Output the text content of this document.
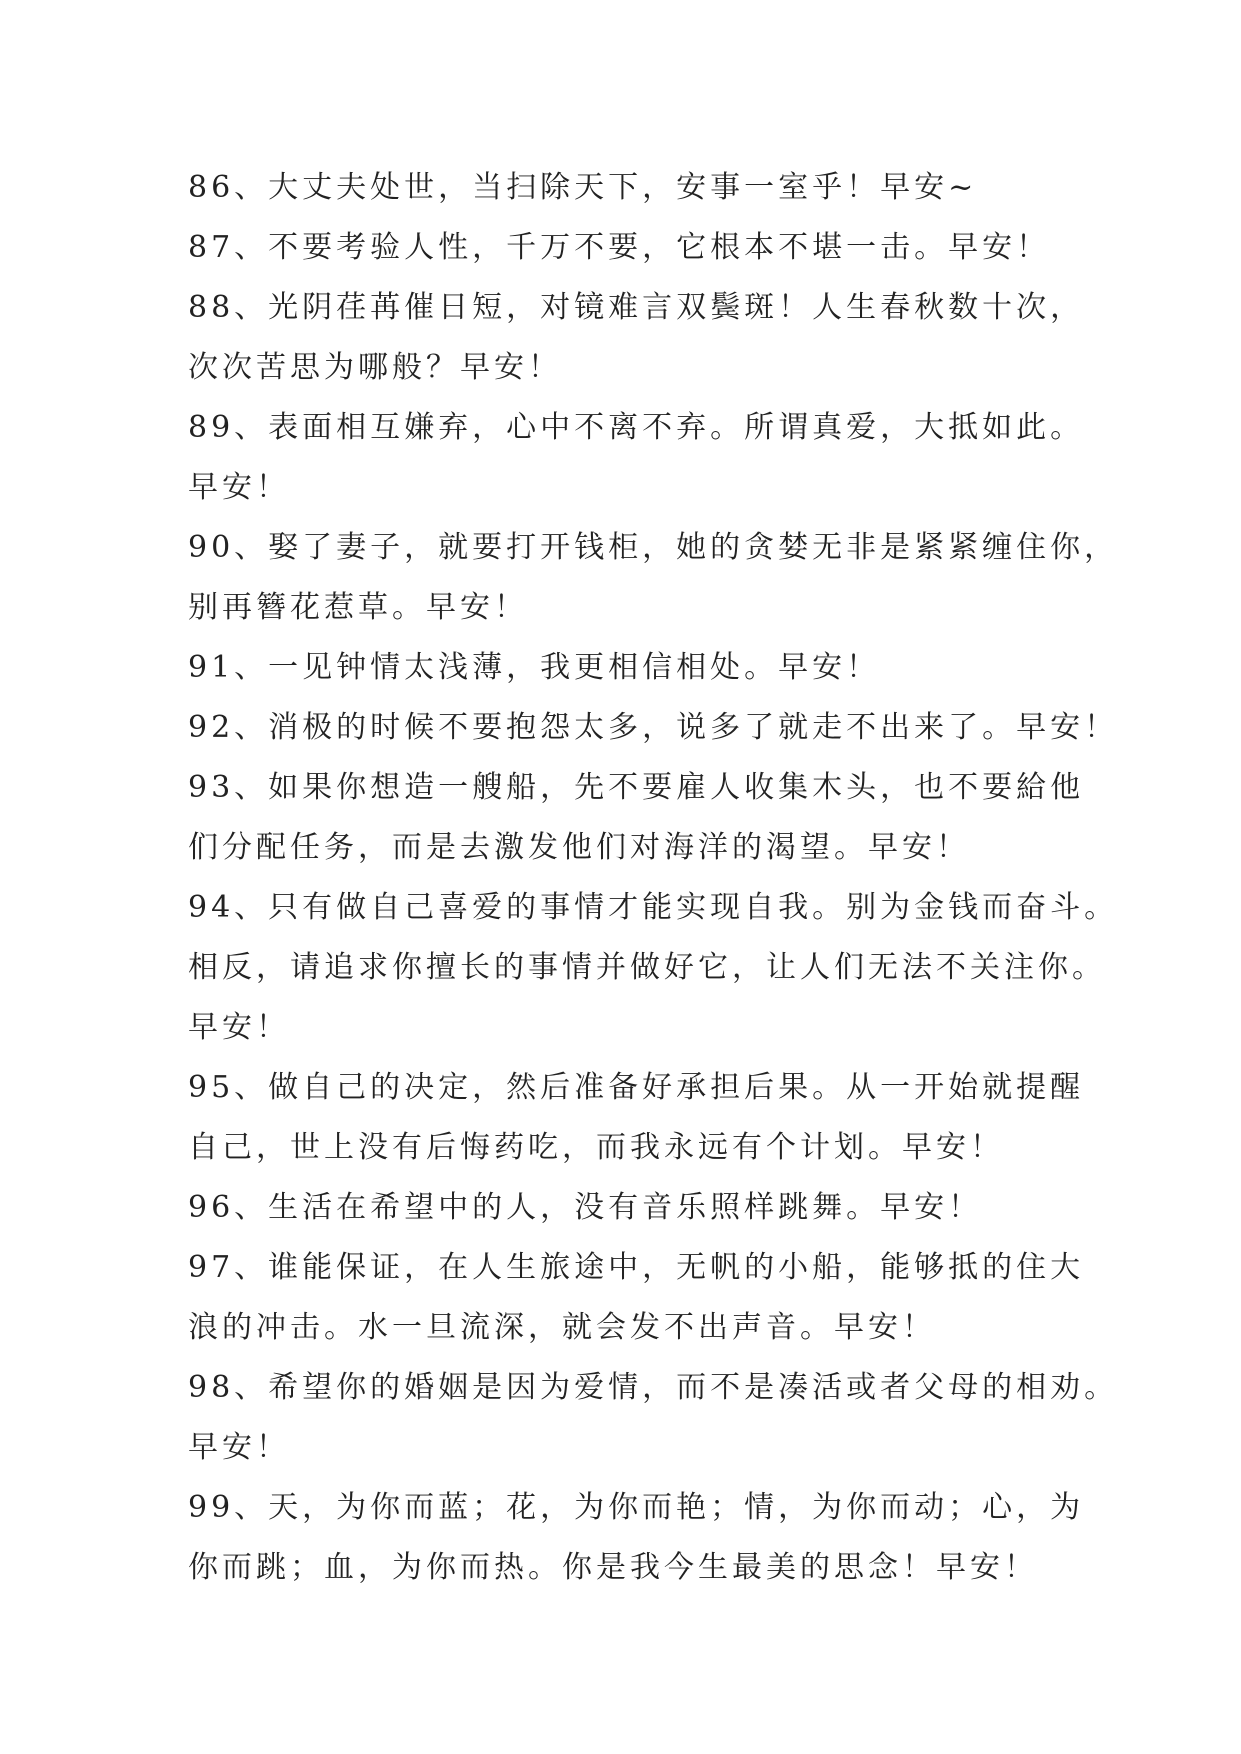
86、大丈夫处世，当扫除天下，安事一室乎！早安~
87、不要考验人性，千万不要，它根本不堪一击。早安！
88、光阴荏苒催日短，对镜难言双鬓斑！人生春秋数十次，
次次苦思为哪般？早安！
89、表面相互嫌弃，心中不离不弃。所谓真爱，大抵如此。
早安！
90、娶了妻子，就要打开钱柜，她的贪婪无非是紧紧缠住你，
别再簪花惹草。早安！
91、一见钟情太浅薄，我更相信相处。早安！
92、消极的时候不要抱怨太多，说多了就走不出来了。早安！
93、如果你想造一艘船，先不要雇人收集木头，也不要給他
们分配任务，而是去激发他们对海洋的渴望。早安！
94、只有做自己喜爱的事情才能实现自我。别为金钱而奋斗。
相反，请追求你擅长的事情并做好它，让人们无法不关注你。
早安！
95、做自己的决定，然后准备好承担后果。从一开始就提醒
自己，世上没有后悔药吃，而我永远有个计划。早安！
96、生活在希望中的人，没有音乐照样跳舞。早安！
97、谁能保证，在人生旅途中，无帆的小船，能够抵的住大
浪的冲击。水一旦流深，就会发不出声音。早安！
98、希望你的婚姻是因为爱情，而不是凑活或者父母的相劝。
早安！
99、天，为你而蓝；花，为你而艳；情，为你而动；心，为
你而跳；血，为你而热。你是我今生最美的思念！早安！
